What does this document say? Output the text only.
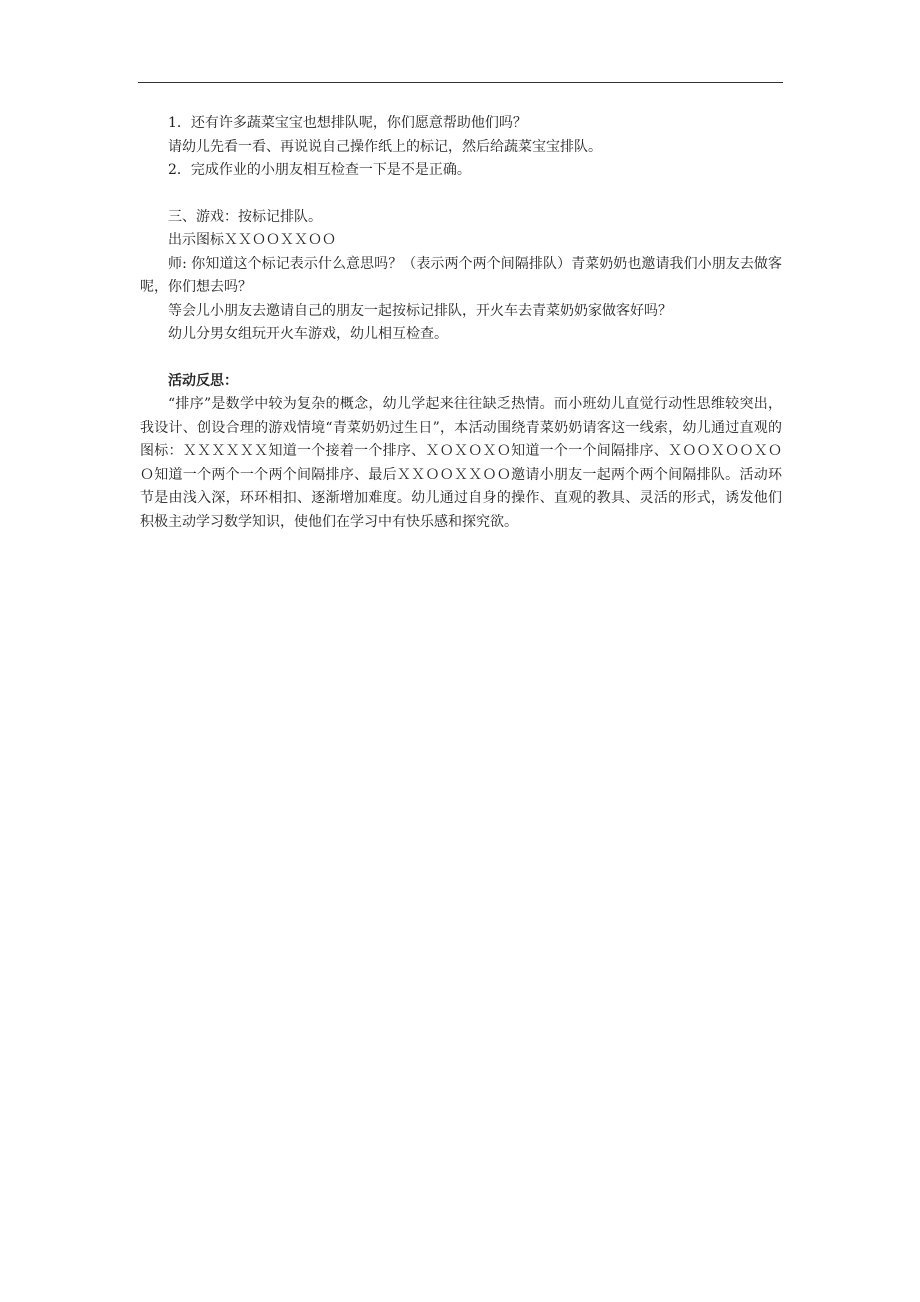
1．还有许多蔬菜宝宝也想排队呢，你们愿意帮助他们吗？

请幼儿先看一看、再说说自己操作纸上的标记，然后给蔬菜宝宝排队。

2．完成作业的小朋友相互检查一下是不是正确。

三、游戏：按标记排队。

出示图标ＸＸＯＯＸＸＯＯ

师: 你知道这个标记表示什么意思吗？（表示两个两个间隔排队）青菜奶奶也邀请我们小朋友去做客呢，你们想去吗？

等会儿小朋友去邀请自己的朋友一起按标记排队，开火车去青菜奶奶家做客好吗？

幼儿分男女组玩开火车游戏，幼儿相互检查。

活动反思：

“排序”是数学中较为复杂的概念，幼儿学起来往往缺乏热情。而小班幼儿直觉行动性思维较突出，我设计、创设合理的游戏情境“青菜奶奶过生日”，本活动围绕青菜奶奶请客这一线索，幼儿通过直观的图标：ＸＸＸＸＸＸ知道一个接着一个排序、ＸＯＸＯＸＯ知道一个一个间隔排序、ＸＯＯＸＯＯＸＯＯ知道一个两个一个两个间隔排序、最后ＸＸＯＯＸＸＯＯ邀请小朋友一起两个两个间隔排队。活动环节是由浅入深，环环相扣、逐渐增加难度。幼儿通过自身的操作、直观的教具、灵活的形式，诱发他们积极主动学习数学知识，使他们在学习中有快乐感和探究欲。
